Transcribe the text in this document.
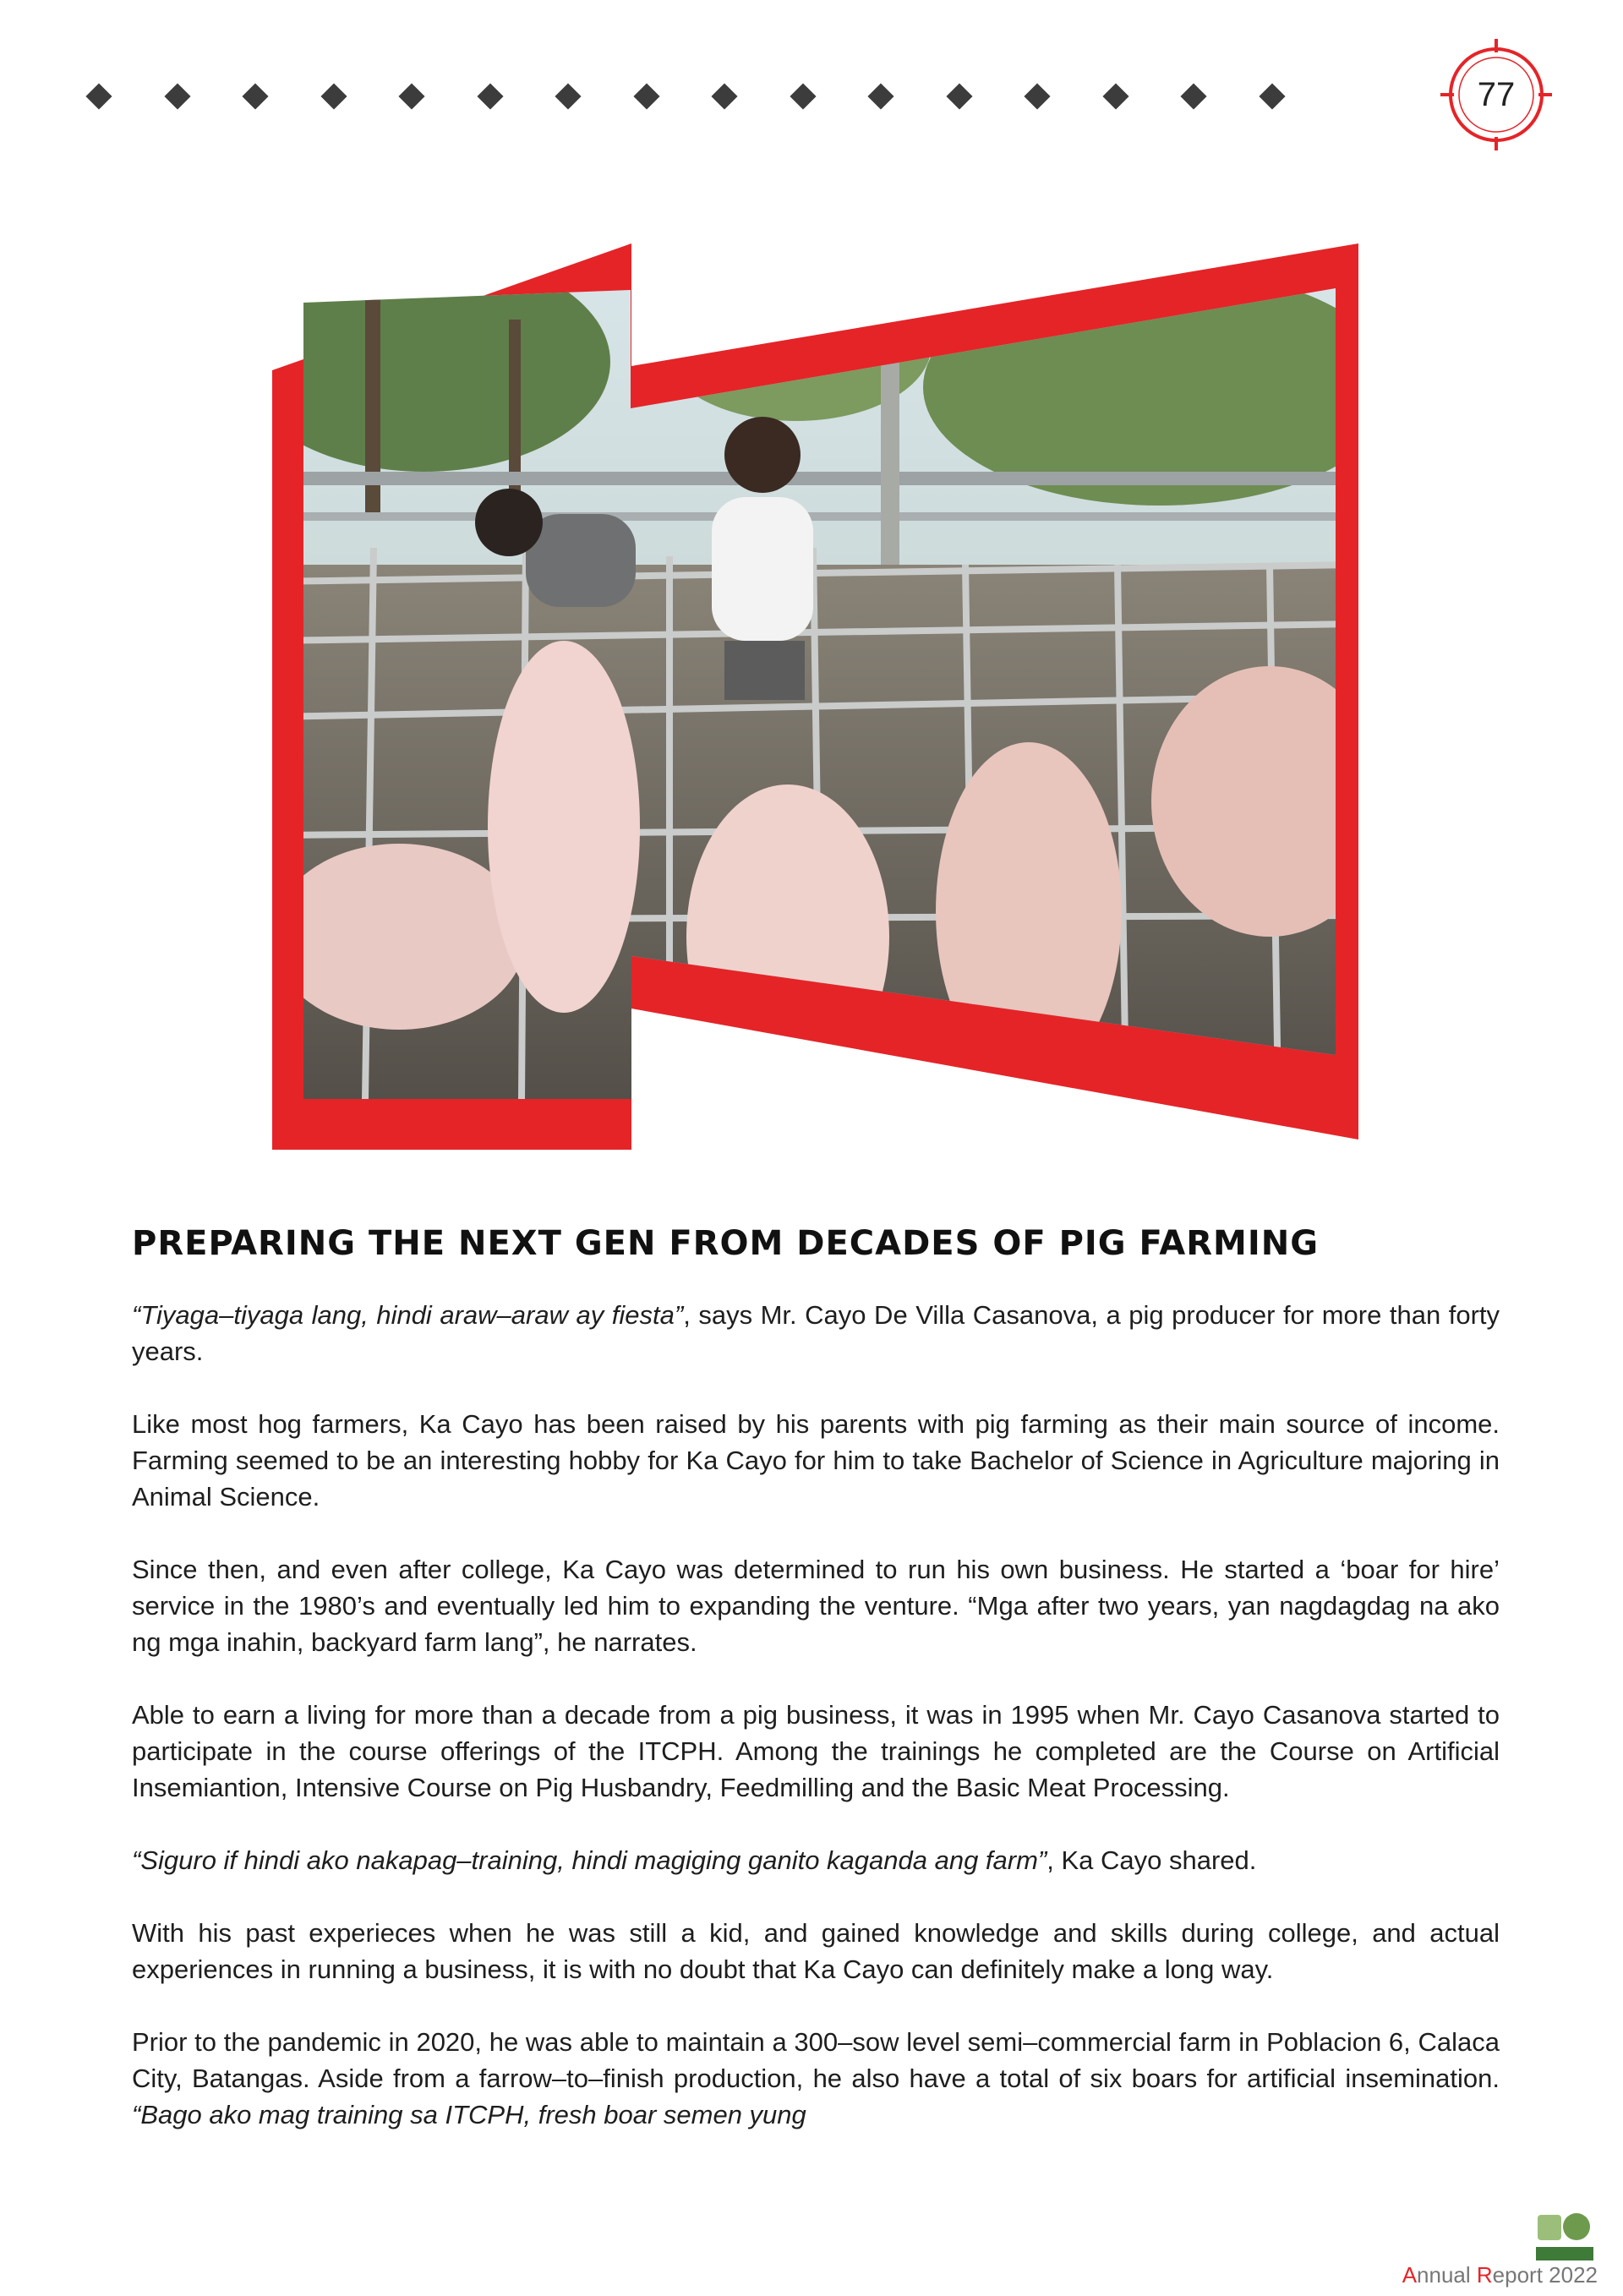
77
PREPARING THE NEXT GEN FROM DECADES OF PIG FARMING

“Tiyaga–tiyaga lang, hindi araw–araw ay fiesta”, says Mr. Cayo De Villa Casanova, a pig producer for more than forty years.

Like most hog farmers, Ka Cayo has been raised by his parents with pig farming as their main source of income. Farming seemed to be an interesting hobby for Ka Cayo for him to take Bachelor of Science in Agriculture majoring in Animal Science.

Since then, and even after college, Ka Cayo was determined to run his own business. He started a ‘boar for hire’ service in the 1980’s and eventually led him to expanding the venture. “Mga after two years, yan nagdagdag na ako ng mga inahin, backyard farm lang”, he narrates.

Able to earn a living for more than a decade from a pig business, it was in 1995 when Mr. Cayo Casanova started to participate in the course offerings of the ITCPH. Among the trainings he completed are the Course on Artificial Insemiantion, Intensive Course on Pig Husbandry, Feedmilling and the Basic Meat Processing.

“Siguro if hindi ako nakapag–training, hindi magiging ganito kaganda ang farm”, Ka Cayo shared.

With his past experieces when he was still a kid, and gained knowledge and skills during college, and actual experiences in running a business, it is with no doubt that Ka Cayo can definitely make a long way.

Prior to the pandemic in 2020, he was able to maintain a 300–sow level semi–commercial farm in Poblacion 6, Calaca City, Batangas. Aside from a farrow–to–finish production, he also have a total of six boars for artificial insemination. “Bago ako mag training sa ITCPH, fresh boar semen yung

Annual Report 2022
